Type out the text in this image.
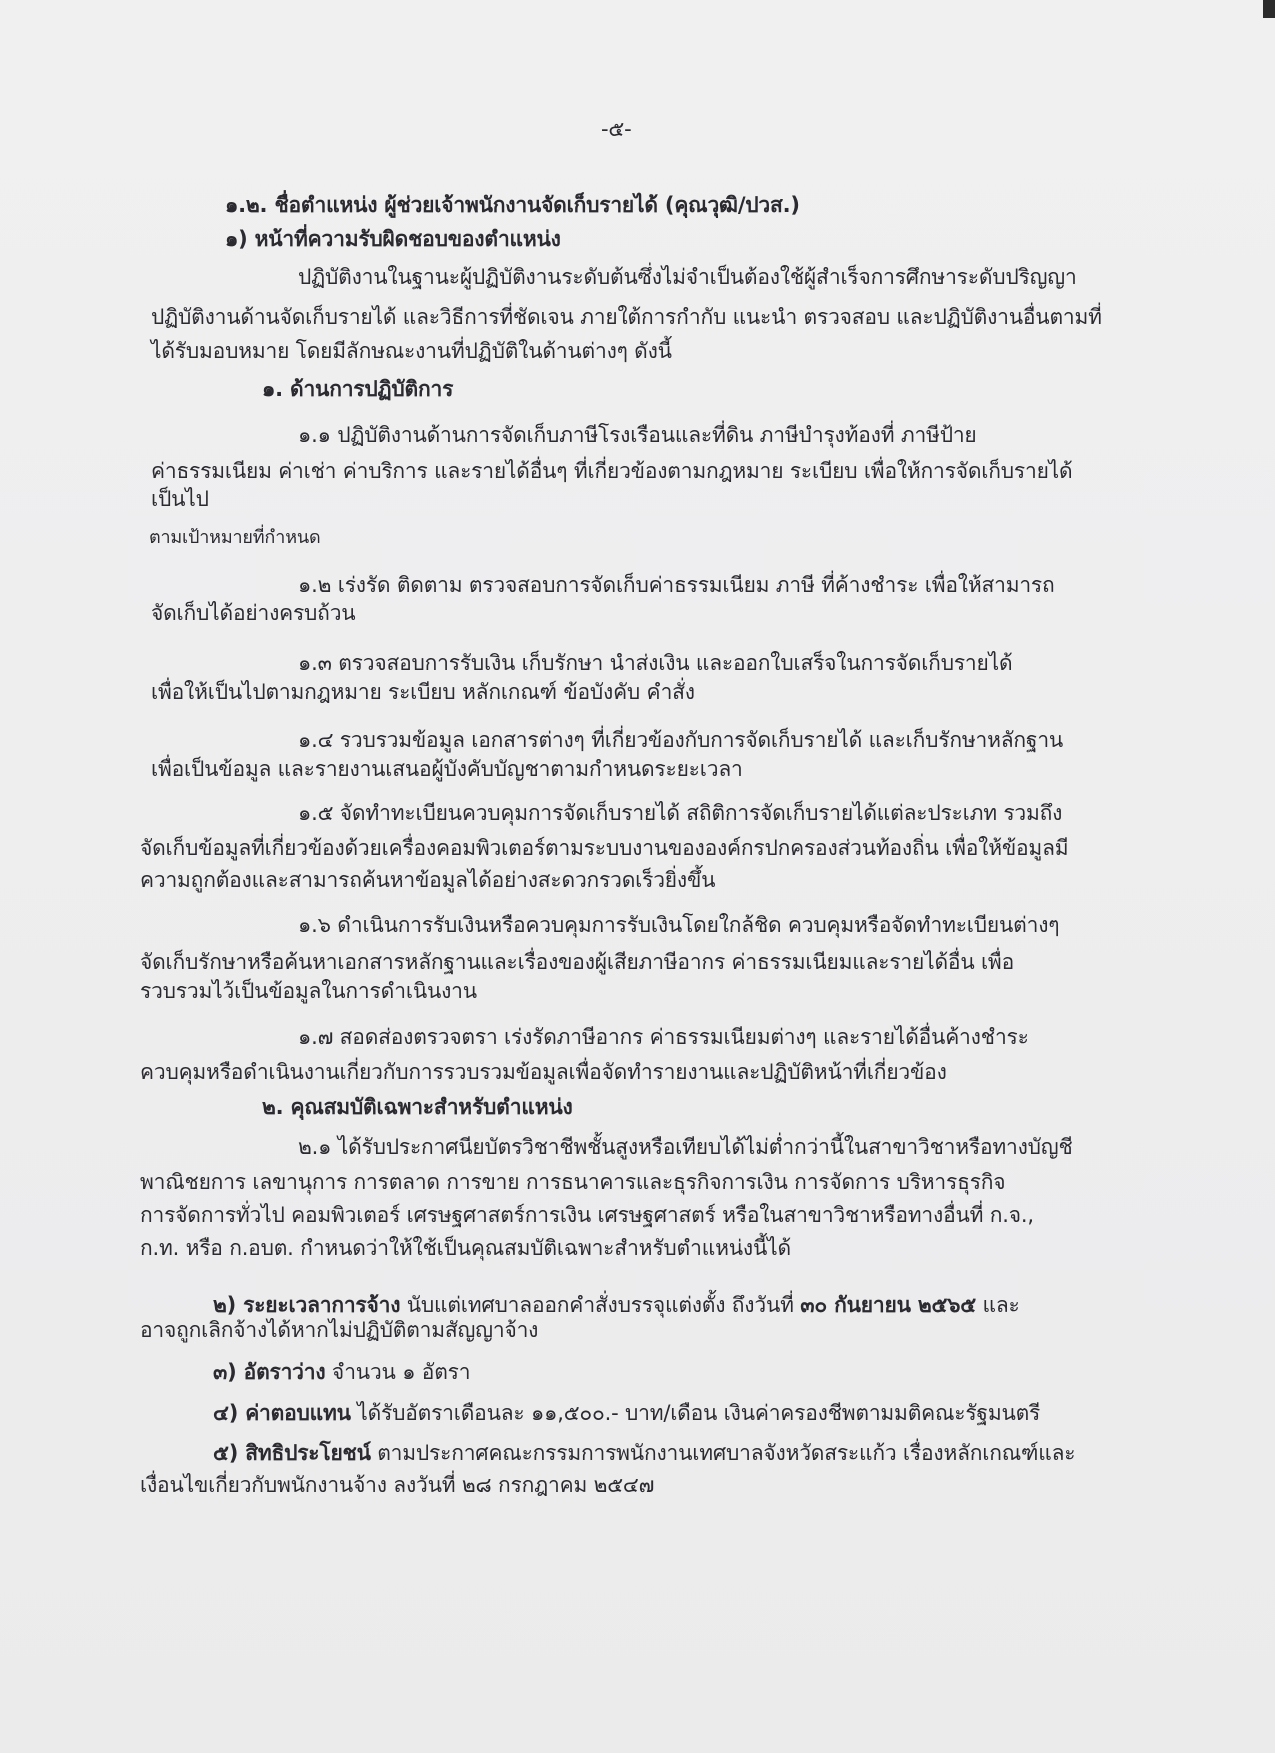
-๕-
๑.๒. ชื่อตำแหน่ง ผู้ช่วยเจ้าพนักงานจัดเก็บรายได้ (คุณวุฒิ/ปวส.)
๑) หน้าที่ความรับผิดชอบของตำแหน่ง
ปฏิบัติงานในฐานะผู้ปฏิบัติงานระดับต้นซึ่งไม่จำเป็นต้องใช้ผู้สำเร็จการศึกษาระดับปริญญา
ปฏิบัติงานด้านจัดเก็บรายได้ และวิธีการที่ชัดเจน ภายใต้การกำกับ แนะนำ ตรวจสอบ และปฏิบัติงานอื่นตามที่
ได้รับมอบหมาย โดยมีลักษณะงานที่ปฏิบัติในด้านต่างๆ ดังนี้
๑. ด้านการปฏิบัติการ
๑.๑ ปฏิบัติงานด้านการจัดเก็บภาษีโรงเรือนและที่ดิน ภาษีบำรุงท้องที่ ภาษีป้าย
ค่าธรรมเนียม ค่าเช่า ค่าบริการ และรายได้อื่นๆ ที่เกี่ยวข้องตามกฎหมาย ระเบียบ เพื่อให้การจัดเก็บรายได้
เป็นไป
ตามเป้าหมายที่กำหนด
๑.๒ เร่งรัด ติดตาม ตรวจสอบการจัดเก็บค่าธรรมเนียม ภาษี ที่ค้างชำระ เพื่อให้สามารถ
จัดเก็บได้อย่างครบถ้วน
๑.๓ ตรวจสอบการรับเงิน เก็บรักษา นำส่งเงิน และออกใบเสร็จในการจัดเก็บรายได้
เพื่อให้เป็นไปตามกฎหมาย ระเบียบ หลักเกณฑ์ ข้อบังคับ คำสั่ง
๑.๔ รวบรวมข้อมูล เอกสารต่างๆ ที่เกี่ยวข้องกับการจัดเก็บรายได้ และเก็บรักษาหลักฐาน
เพื่อเป็นข้อมูล และรายงานเสนอผู้บังคับบัญชาตามกำหนดระยะเวลา
๑.๕ จัดทำทะเบียนควบคุมการจัดเก็บรายได้ สถิติการจัดเก็บรายได้แต่ละประเภท รวมถึง
จัดเก็บข้อมูลที่เกี่ยวข้องด้วยเครื่องคอมพิวเตอร์ตามระบบงานขององค์กรปกครองส่วนท้องถิ่น เพื่อให้ข้อมูลมี
ความถูกต้องและสามารถค้นหาข้อมูลได้อย่างสะดวกรวดเร็วยิ่งขึ้น
๑.๖ ดำเนินการรับเงินหรือควบคุมการรับเงินโดยใกล้ชิด ควบคุมหรือจัดทำทะเบียนต่างๆ
จัดเก็บรักษาหรือค้นหาเอกสารหลักฐานและเรื่องของผู้เสียภาษีอากร ค่าธรรมเนียมและรายได้อื่น เพื่อ
รวบรวมไว้เป็นข้อมูลในการดำเนินงาน
๑.๗ สอดส่องตรวจตรา เร่งรัดภาษีอากร ค่าธรรมเนียมต่างๆ และรายได้อื่นค้างชำระ
ควบคุมหรือดำเนินงานเกี่ยวกับการรวบรวมข้อมูลเพื่อจัดทำรายงานและปฏิบัติหน้าที่เกี่ยวข้อง
๒. คุณสมบัติเฉพาะสำหรับตำแหน่ง
๒.๑ ได้รับประกาศนียบัตรวิชาชีพชั้นสูงหรือเทียบได้ไม่ต่ำกว่านี้ในสาขาวิชาหรือทางบัญชี
พาณิชยการ เลขานุการ การตลาด การขาย การธนาคารและธุรกิจการเงิน การจัดการ บริหารธุรกิจ
การจัดการทั่วไป คอมพิวเตอร์ เศรษฐศาสตร์การเงิน เศรษฐศาสตร์ หรือในสาขาวิชาหรือทางอื่นที่ ก.จ.,
ก.ท. หรือ ก.อบต. กำหนดว่าให้ใช้เป็นคุณสมบัติเฉพาะสำหรับตำแหน่งนี้ได้
๒) ระยะเวลาการจ้าง นับแต่เทศบาลออกคำสั่งบรรจุแต่งตั้ง ถึงวันที่ ๓๐ กันยายน ๒๕๖๕ และ
อาจถูกเลิกจ้างได้หากไม่ปฏิบัติตามสัญญาจ้าง
๓) อัตราว่าง จำนวน ๑ อัตรา
๔) ค่าตอบแทน ได้รับอัตราเดือนละ ๑๑,๕๐๐.- บาท/เดือน เงินค่าครองชีพตามมติคณะรัฐมนตรี
๕) สิทธิประโยชน์ ตามประกาศคณะกรรมการพนักงานเทศบาลจังหวัดสระแก้ว เรื่องหลักเกณฑ์และ
เงื่อนไขเกี่ยวกับพนักงานจ้าง ลงวันที่ ๒๘ กรกฎาคม ๒๕๔๗
